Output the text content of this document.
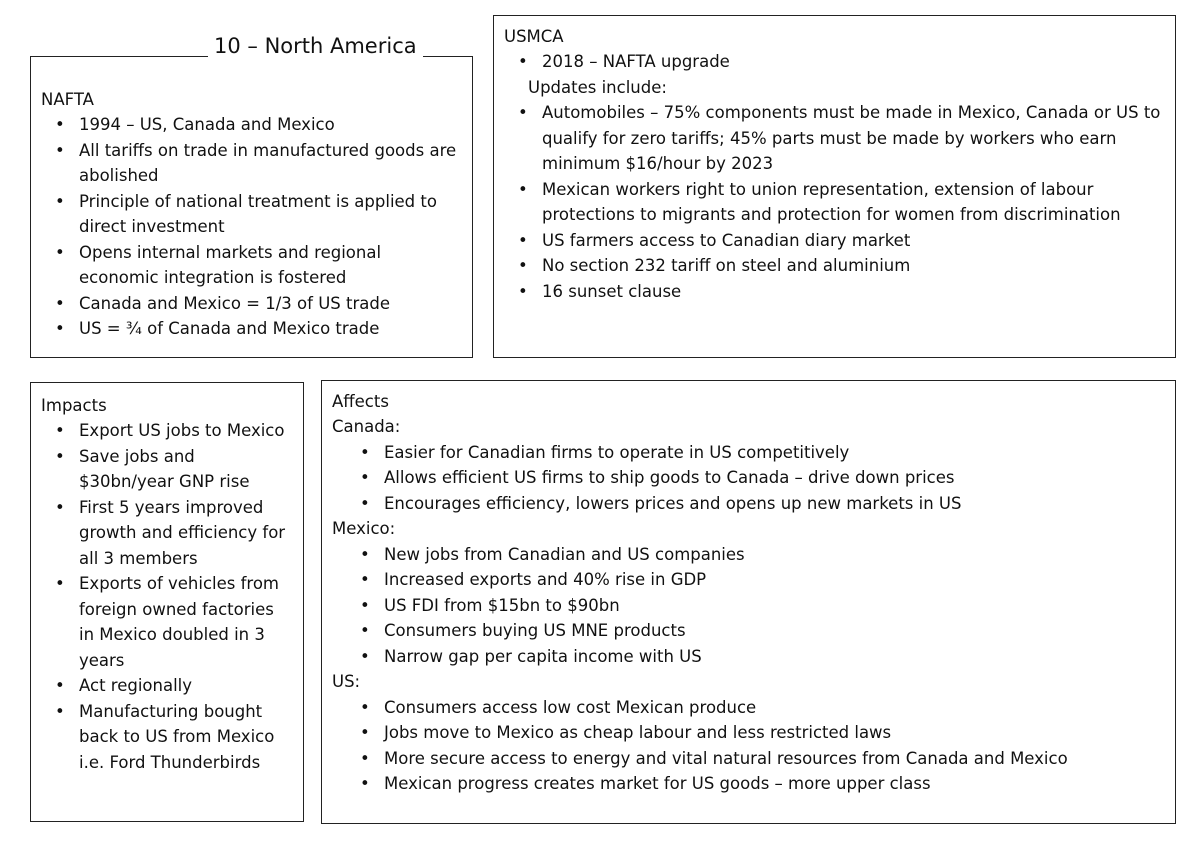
NAFTA

• 1994 – US, Canada and Mexico
• All tariffs on trade in manufactured goods are abolished
• Principle of national treatment is applied to direct investment
• Opens internal markets and regional economic integration is fostered
• Canada and Mexico = 1/3 of US trade
• US = ¾ of Canada and Mexico trade
10 – North America	USMCA

• 2018 – NAFTA upgrade

Updates include:

• Automobiles – 75% components must be made in Mexico, Canada or US to qualify for zero tariffs; 45% parts must be made by workers who earn minimum $16/hour by 2023
• Mexican workers right to union representation, extension of labour protections to migrants and protection for women from discrimination
• US farmers access to Canadian diary market
• No section 232 tariff on steel and aluminium
• 16 sunset clause

Impacts

• Export US jobs to Mexico
• Save jobs and $30bn/year GNP rise
• First 5 years improved growth and efficiency for all 3 members
• Exports of vehicles from foreign owned factories in Mexico doubled in 3 years
• Act regionally
• Manufacturing bought back to US from Mexico i.e. Ford Thunderbirds

Affects

Canada:

• Easier for Canadian firms to operate in US competitively
• Allows efficient US firms to ship goods to Canada – drive down prices
• Encourages efficiency, lowers prices and opens up new markets in US

Mexico:

• New jobs from Canadian and US companies
• Increased exports and 40% rise in GDP
• US FDI from $15bn to $90bn
• Consumers buying US MNE products
• Narrow gap per capita income with US

US:

• Consumers access low cost Mexican produce
• Jobs move to Mexico as cheap labour and less restricted laws
• More secure access to energy and vital natural resources from Canada and Mexico
• Mexican progress creates market for US goods – more upper class
